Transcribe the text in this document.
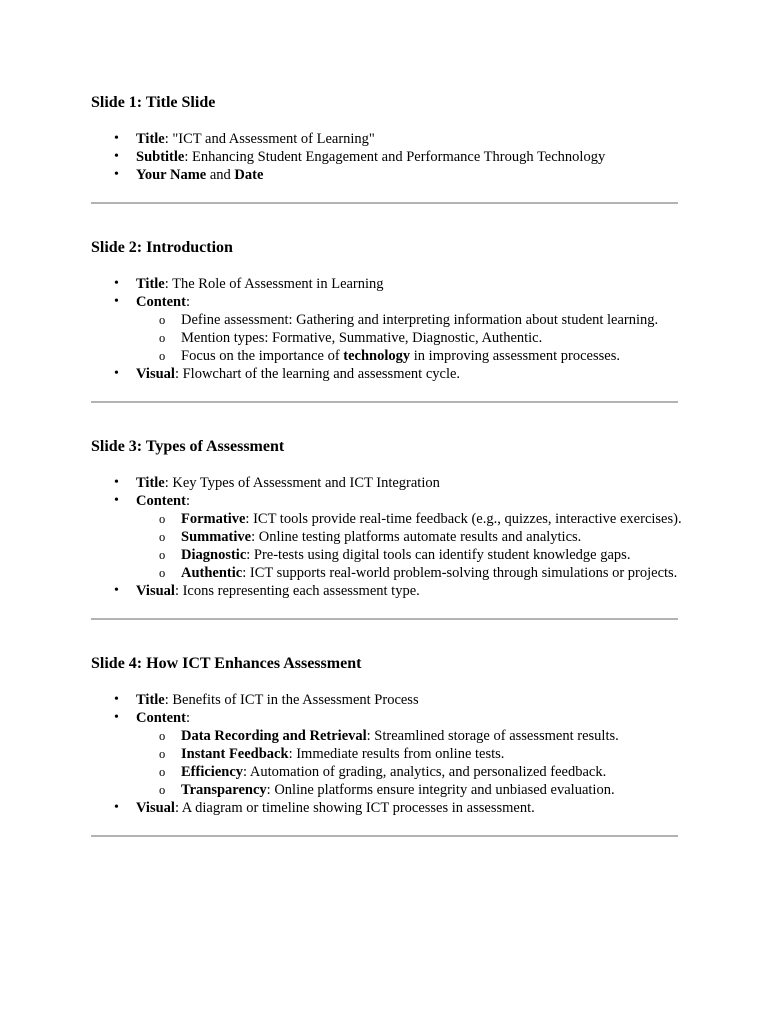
Slide 1: Title Slide
• Title: "ICT and Assessment of Learning"
• Subtitle: Enhancing Student Engagement and Performance Through Technology
• Your Name and Date
Slide 2: Introduction
• Title: The Role of Assessment in Learning
• Content:
o Define assessment: Gathering and interpreting information about student learning.
o Mention types: Formative, Summative, Diagnostic, Authentic.
o Focus on the importance of technology in improving assessment processes.
• Visual: Flowchart of the learning and assessment cycle.
Slide 3: Types of Assessment
• Title: Key Types of Assessment and ICT Integration
• Content:
o Formative: ICT tools provide real-time feedback (e.g., quizzes, interactive exercises).
o Summative: Online testing platforms automate results and analytics.
o Diagnostic: Pre-tests using digital tools can identify student knowledge gaps.
o Authentic: ICT supports real-world problem-solving through simulations or projects.
• Visual: Icons representing each assessment type.
Slide 4: How ICT Enhances Assessment
• Title: Benefits of ICT in the Assessment Process
• Content:
o Data Recording and Retrieval: Streamlined storage of assessment results.
o Instant Feedback: Immediate results from online tests.
o Efficiency: Automation of grading, analytics, and personalized feedback.
o Transparency: Online platforms ensure integrity and unbiased evaluation.
• Visual: A diagram or timeline showing ICT processes in assessment.
